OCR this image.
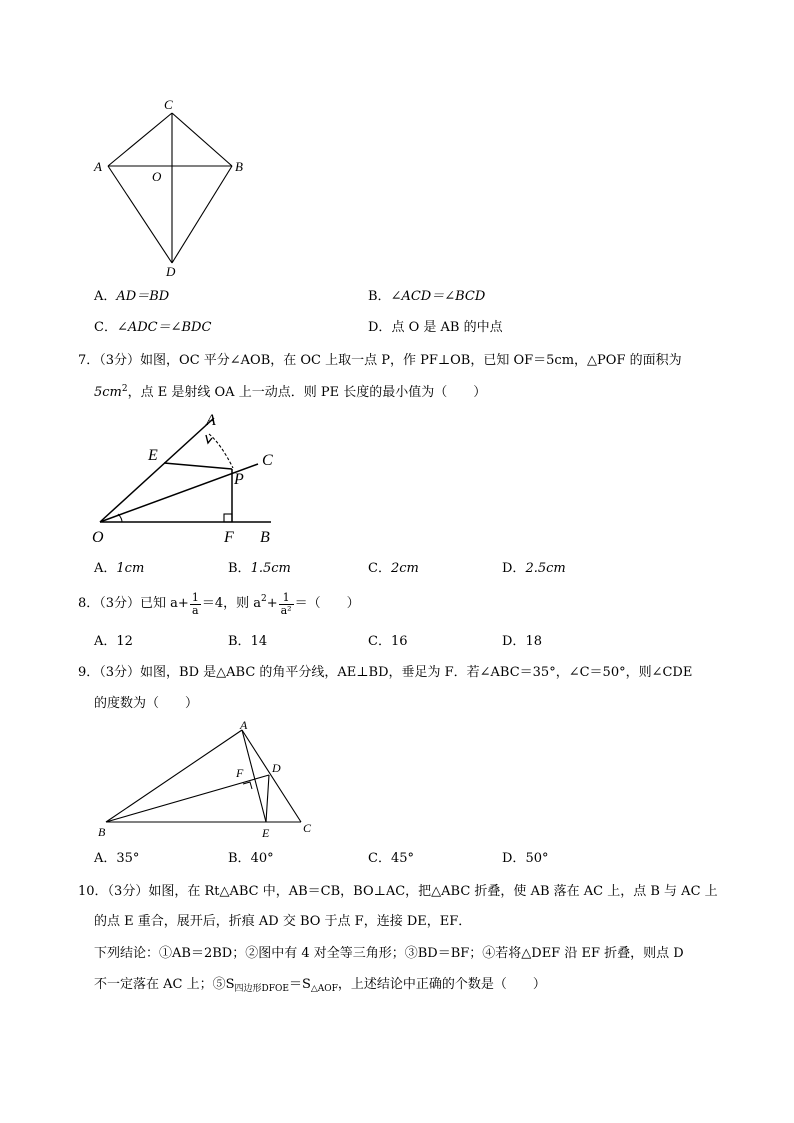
C
A
O
B
D
A．AD＝BD	B．∠ACD＝∠BCD
C．∠ADC＝∠BDC	D．点 O 是 AB 的中点
7．（3分）如图，OC 平分∠AOB，在 OC 上取一点 P，作 PF⊥OB，已知 OF＝5cm，△POF 的面积为
$5cm^2$，点 E 是射线 OA 上一动点．则 PE 长度的最小值为（　　）
A
E
P
C
O	F B
A．1cm	B．1.5cm	C．2cm	D．2.5cm
8．（3分）已知 $a+ \frac{1}{a} =4$，则 a $2 + \frac{1}{\text{a²}}$ ＝（　　）
A．12	B．14	C．16	D．18
9．（3分）如图，BD 是△ABC 的角平分线，AE⊥BD，垂足为 F．若∠ABC＝35°，∠C＝50°，则∠CDE
的度数为（　　）
A
F D
B	E	C
A．35°	B．40°	C．45°	D．50°
10．（3分）如图，在 Rt△ABC 中，AB＝CB，BO⊥AC，把△ABC 折叠，使 AB 落在 AC 上，点 B 与 AC 上
的点 E 重合，展开后，折痕 AD 交 BO 于点 F，连接 DE，EF．
下列结论：①AB＝2BD；②图中有 4 对全等三角形；③BD＝BF；④若将△DEF 沿 EF 折叠，则点 D
不一定落在 AC 上；$⑤S_{四边形DFOE}=S_{\triangle AOF}$，上述结论中正确的个数是（　　）
